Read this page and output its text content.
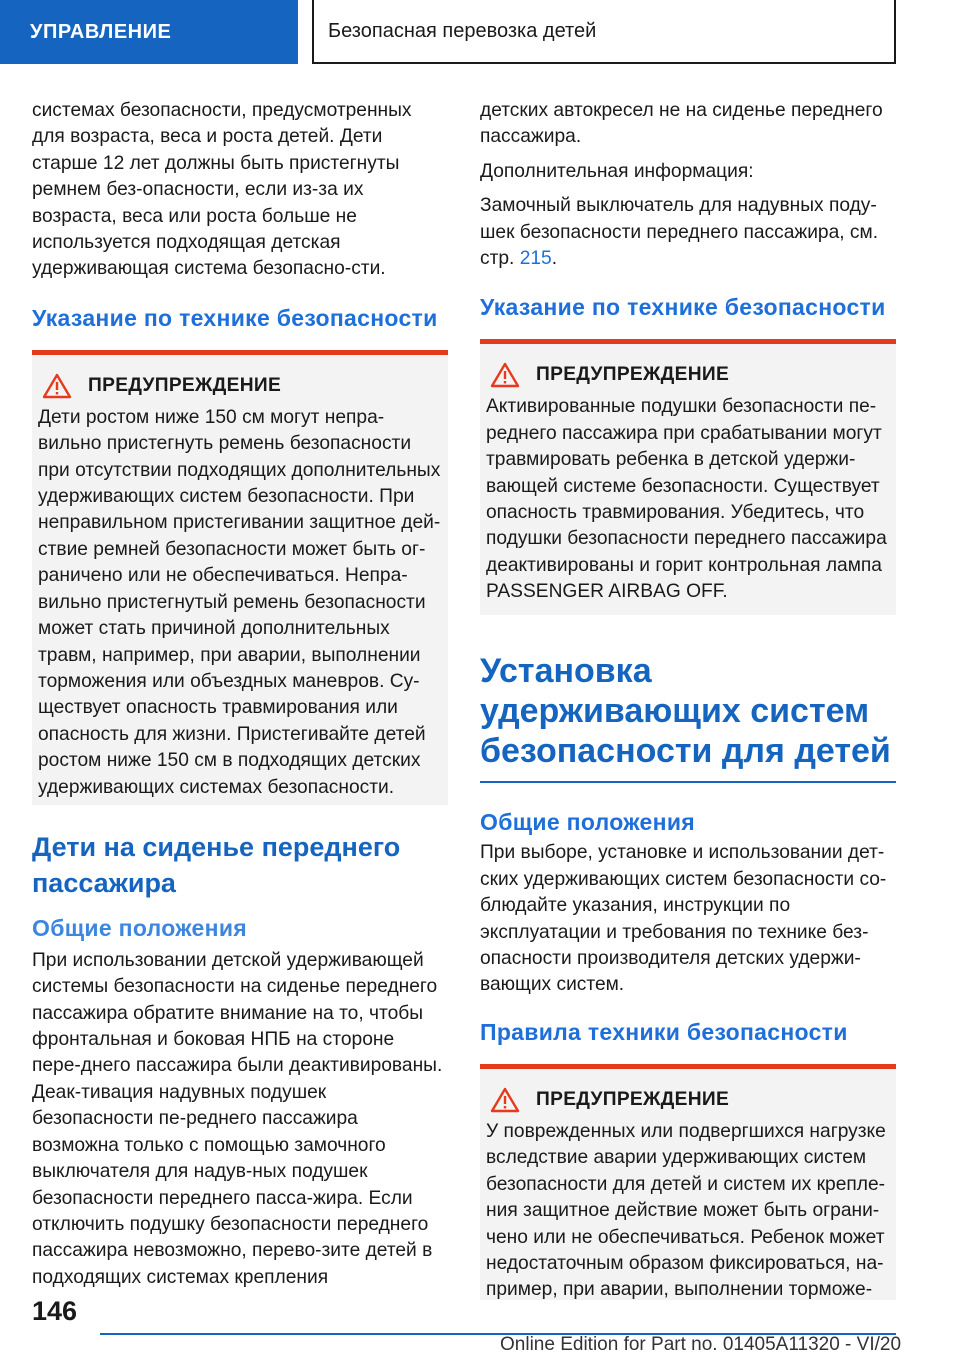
УПРАВЛЕНИЕ	Безопасная перевозка детей

системах безопасности, предусмотренных для возраста, веса и роста детей. Дети старше 12 лет должны быть пристегнуты ремнем без-опасности, если из-за их возраста, веса или роста больше не используется подходящая детская удерживающая система безопасно-сти.

Указание по технике безопасности
ПРЕДУПРЕЖДЕНИЕ

Дети ростом ниже 150 см могут непра-вильно пристегнуть ремень безопасности при отсутствии подходящих дополнительных удерживающих систем безопасности. При неправильном пристегивании защитное дей-ствие ремней безопасности может быть ог-раничено или не обеспечиваться. Непра-вильно пристегнутый ремень безопасности может стать причиной дополнительных травм, например, при аварии, выполнении торможения или объездных маневров. Су-ществует опасность травмирования или опасность для жизни. Пристегивайте детей ростом ниже 150 см в подходящих детских удерживающих системах безопасности.

Дети на сиденье переднего пассажира
Общие положения

При использовании детской удерживающей системы безопасности на сиденье переднего пассажира обратите внимание на то, чтобы фронтальная и боковая НПБ на стороне пере-днего пассажира были деактивированы. Деак-тивация надувных подушек безопасности пе-реднего пассажира возможна только с помощью замочного выключателя для надув-ных подушек безопасности переднего пасса-жира. Если отключить подушку безопасности переднего пассажира невозможно, перево-зите детей в подходящих системах крепления

детских автокресел не на сиденье переднего пассажира.

Дополнительная информация:

Замочный выключатель для надувных поду-шек безопасности переднего пассажира, см. стр. 215.

Указание по технике безопасности
ПРЕДУПРЕЖДЕНИЕ

Активированные подушки безопасности пе-реднего пассажира при срабатывании могут травмировать ребенка в детской удержи-вающей системе безопасности. Существует опасность травмирования. Убедитесь, что подушки безопасности переднего пассажира деактивированы и горит контрольная лампа PASSENGER AIRBAG OFF.

Установка удерживающих систем безопасности для детей
Общие положения

При выборе, установке и использовании дет-ских удерживающих систем безопасности со-блюдайте указания, инструкции по эксплуатации и требования по технике без-опасности производителя детских удержи-вающих систем.

Правила техники безопасности
ПРЕДУПРЕЖДЕНИЕ

У поврежденных или подвергшихся нагрузке вследствие аварии удерживающих систем безопасности для детей и систем их крепле-ния защитное действие может быть ограни-чено или не обеспечиваться. Ребенок может недостаточным образом фиксироваться, на-пример, при аварии, выполнении торможе-

146
Online Edition for Part no. 01405A11320 - VI/20
